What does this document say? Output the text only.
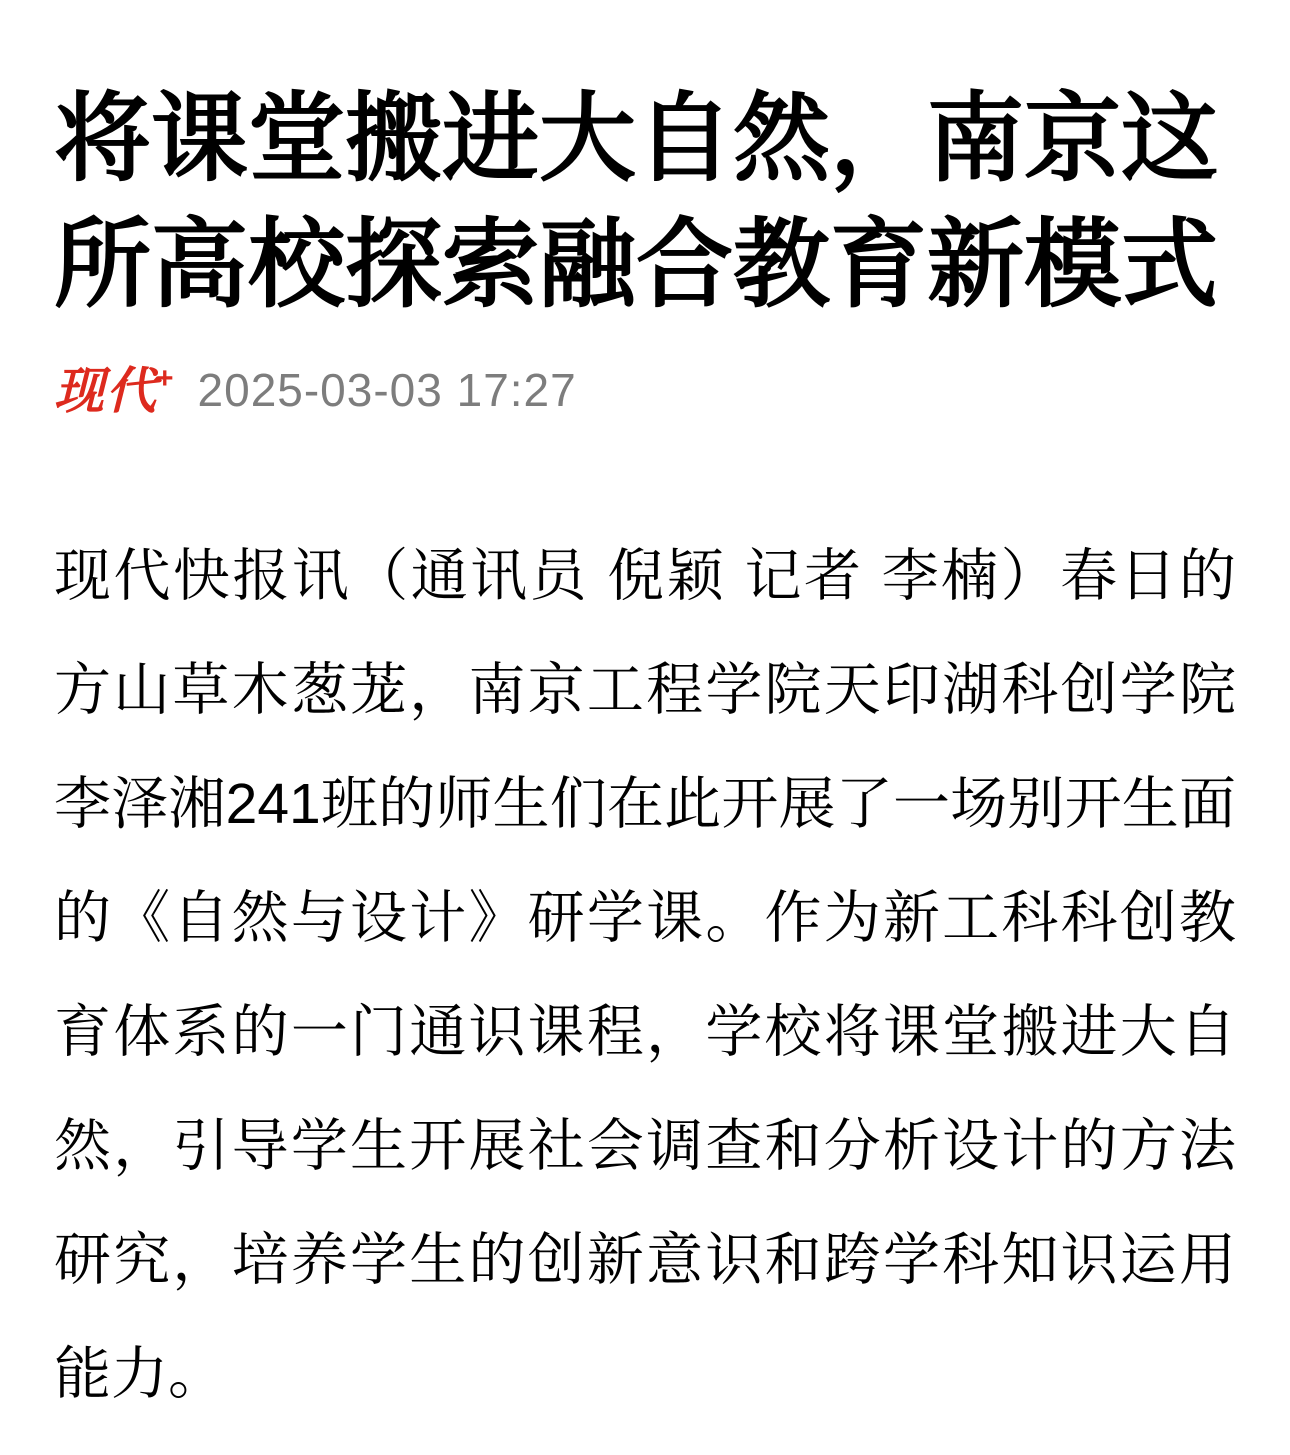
将课堂搬进大自然，南京这所高校探索融合教育新模式
现代+ 2025-03-03 17:27

现代快报讯（通讯员 倪颖 记者 李楠）春日的方山草木葱茏，南京工程学院天印湖科创学院李泽湘241班的师生们在此开展了一场别开生面的《自然与设计》研学课。作为新工科科创教育体系的一门通识课程，学校将课堂搬进大自然，引导学生开展社会调查和分析设计的方法研究，培养学生的创新意识和跨学科知识运用能力。
